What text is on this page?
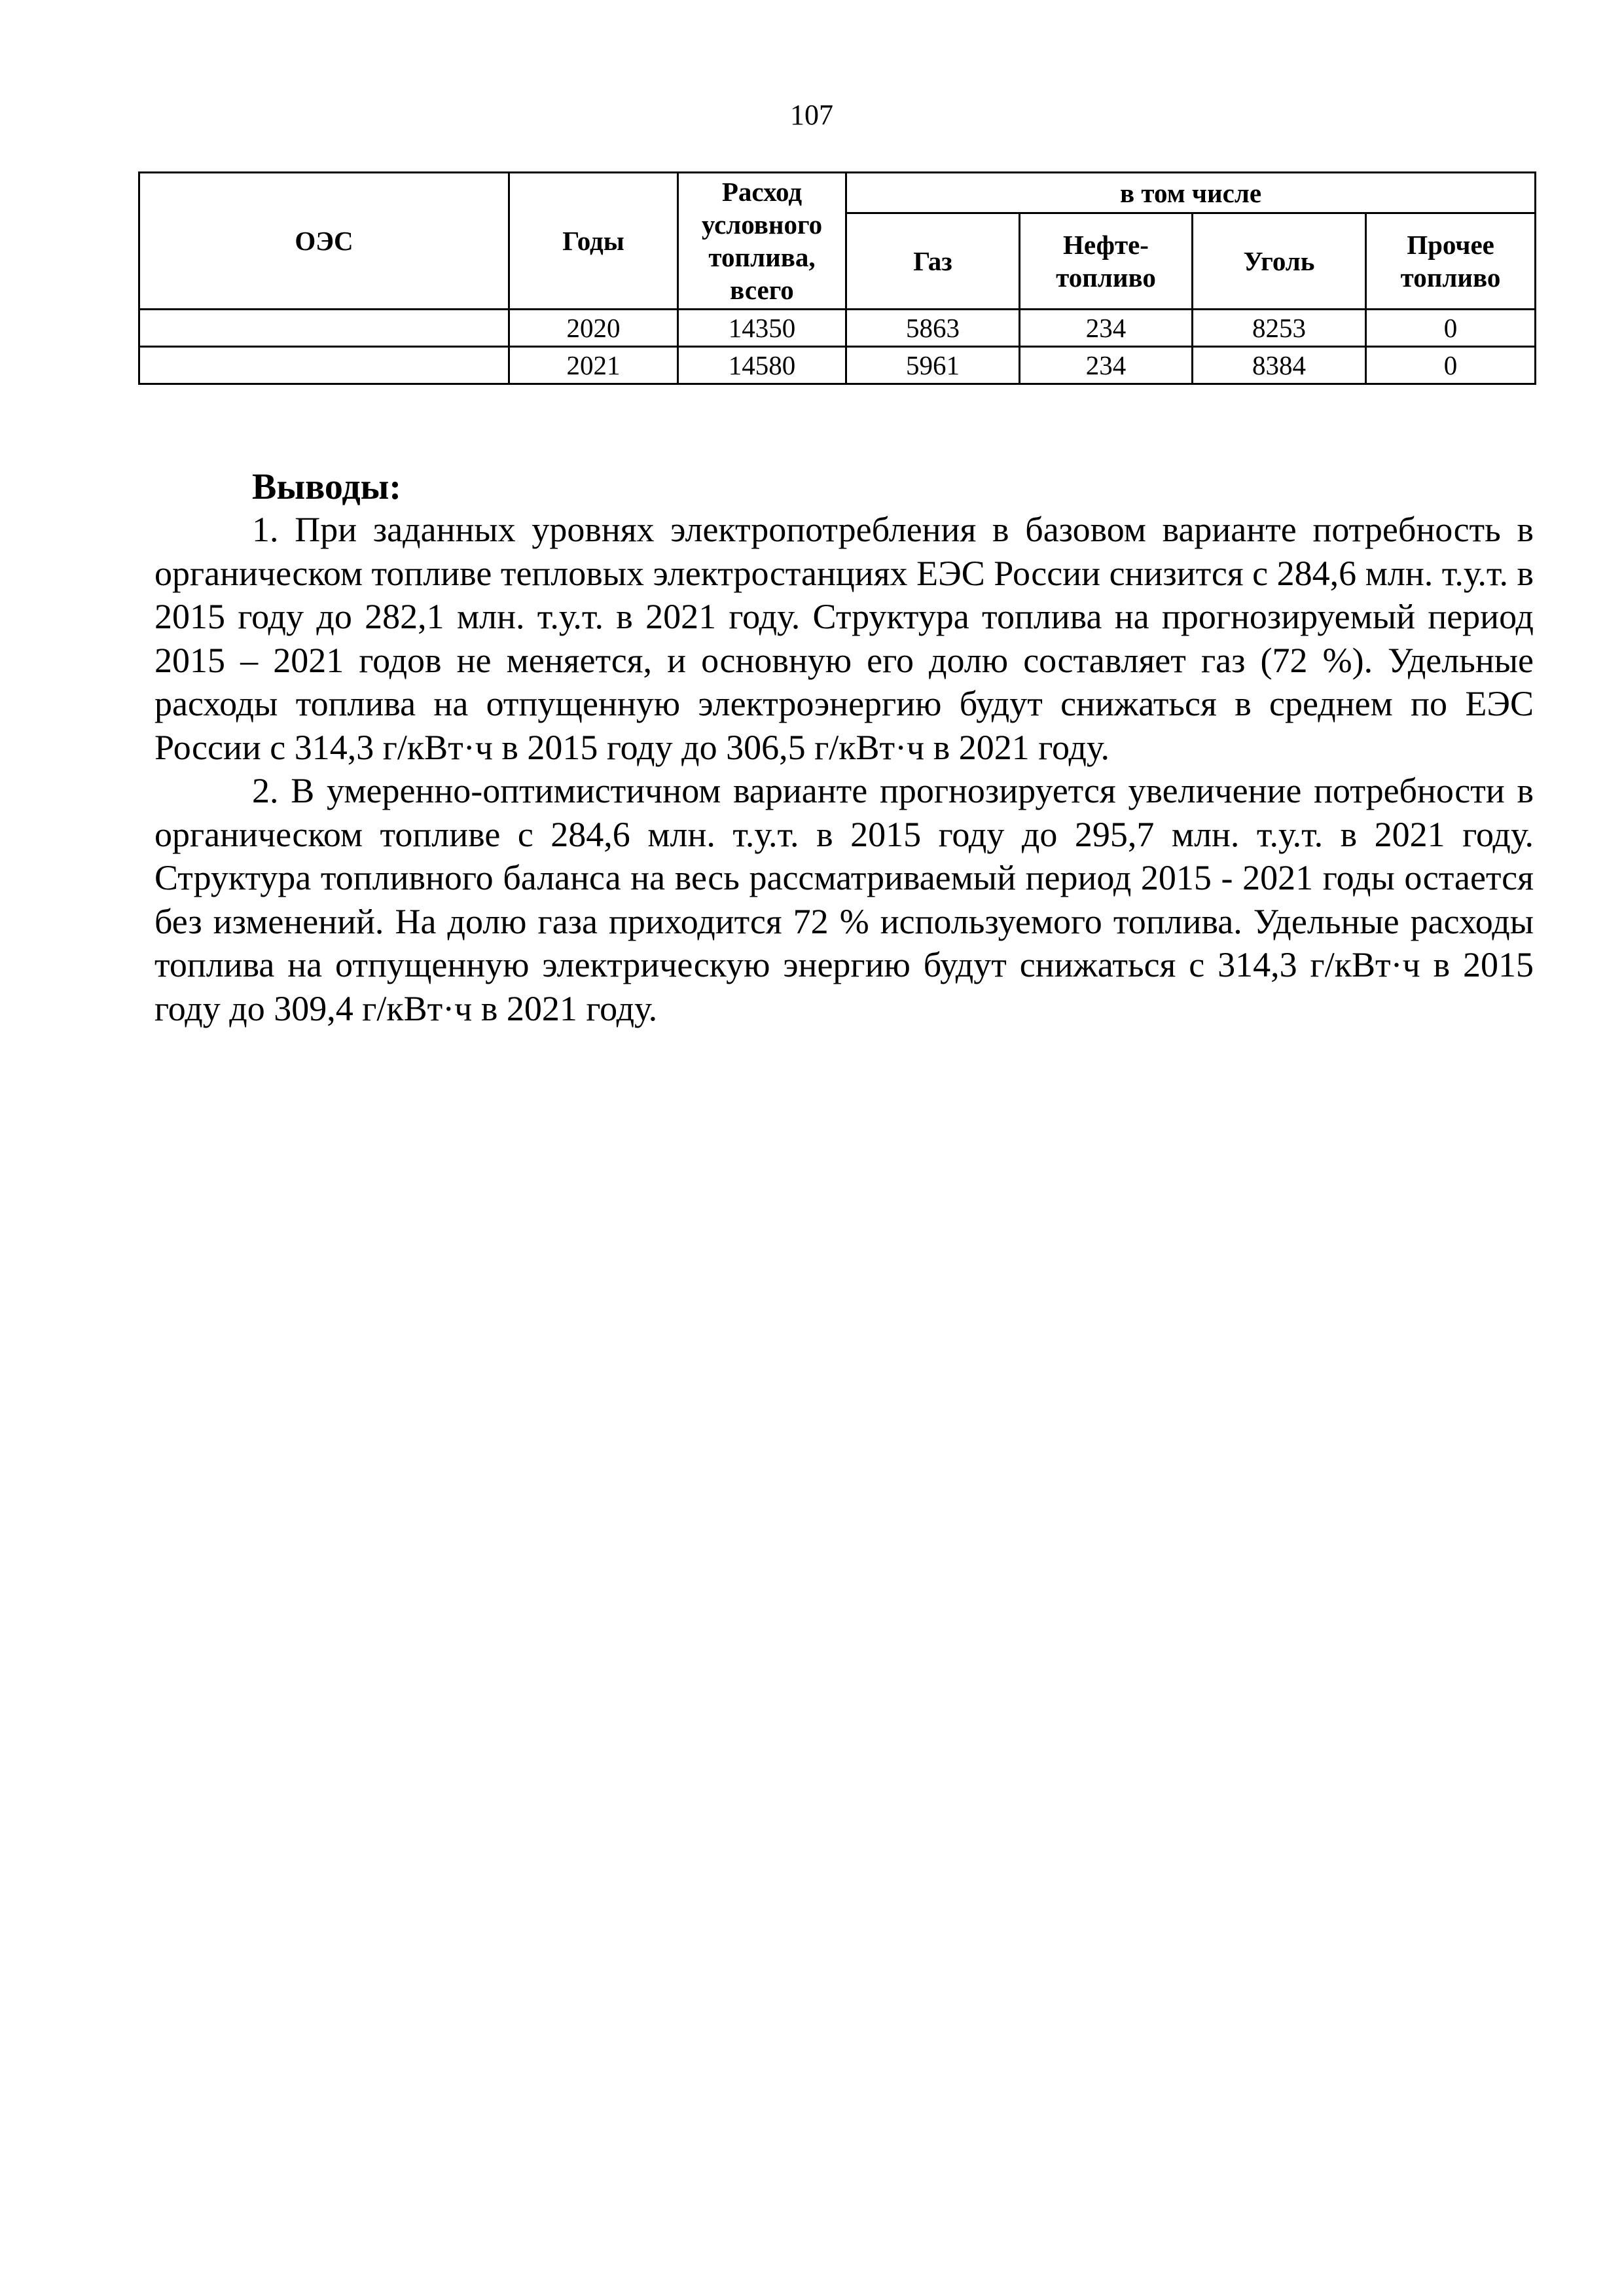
107
ОЭС	Годы	Расход условного топлива, всего	в том числе			
			Газ	Нефте-топливо	Уголь	Прочее топливо
	2020	14350	5863	234	8253	0
	2021	14580	5961	234	8384	0
Выводы:

1. При заданных уровнях электропотребления в базовом варианте потребность в органическом топливе тепловых электростанциях ЕЭС России снизится с 284,6 млн. т.у.т. в 2015 году до 282,1 млн. т.у.т. в 2021 году. Структура топлива на прогнозируемый период 2015 – 2021 годов не меняется, и основную его долю составляет газ (72 %). Удельные расходы топлива на отпущенную электроэнергию будут снижаться в среднем по ЕЭС России с 314,3 г/кВт·ч в 2015 году до 306,5 г/кВт·ч в 2021 году.

2. В умеренно-оптимистичном варианте прогнозируется увеличение потребности в органическом топливе с 284,6 млн. т.у.т. в 2015 году до 295,7 млн. т.у.т. в 2021 году. Структура топливного баланса на весь рассматриваемый период 2015 - 2021 годы остается без изменений. На долю газа приходится 72 % используемого топлива. Удельные расходы топлива на отпущенную электрическую энергию будут снижаться с 314,3 г/кВт·ч в 2015 году до 309,4 г/кВт·ч в 2021 году.
